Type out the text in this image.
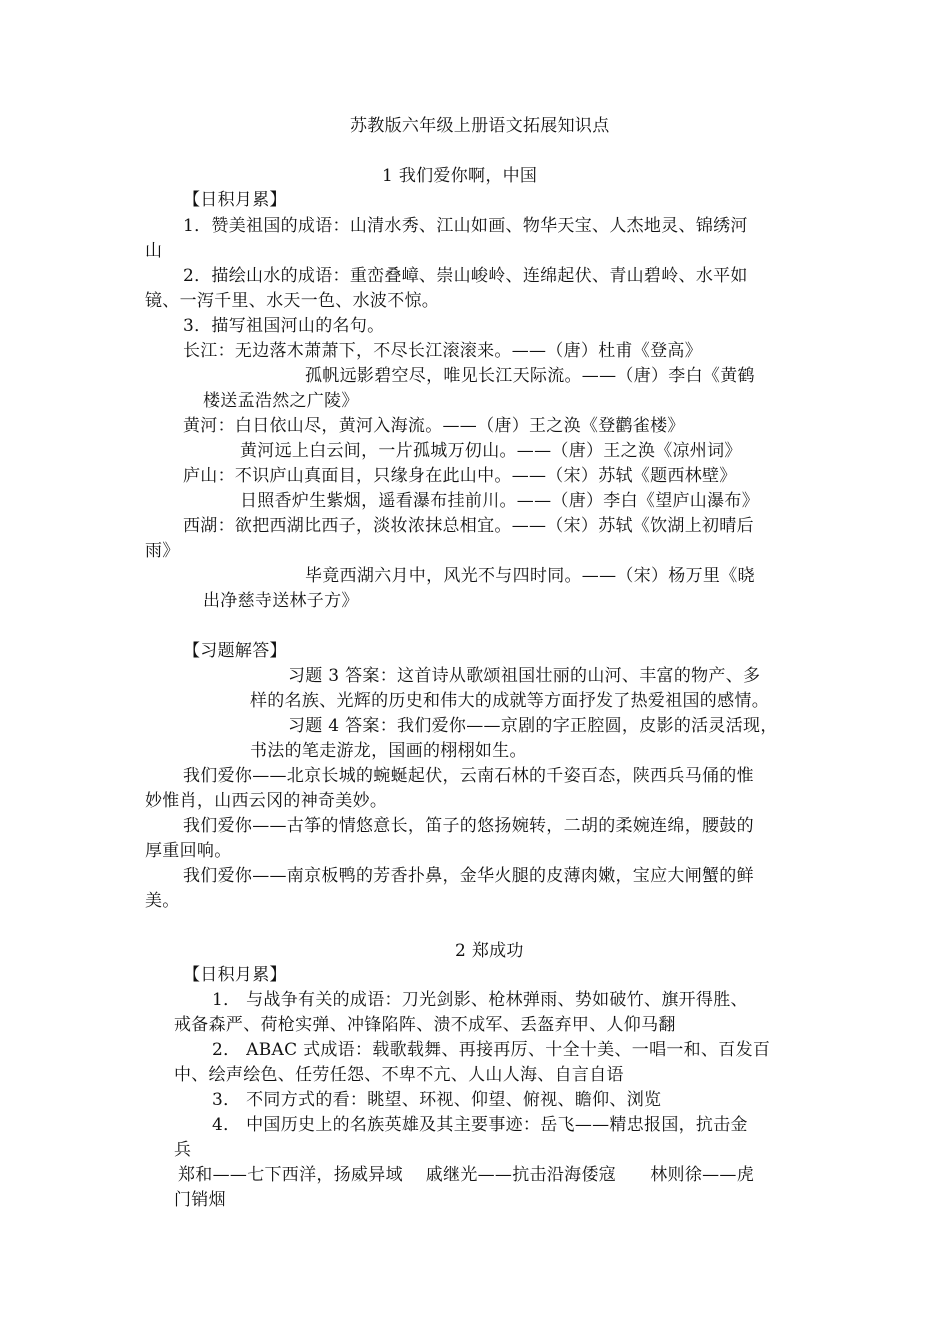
苏教版六年级上册语文拓展知识点
1 我们爱你啊，中国
【日积月累】
1．赞美祖国的成语：山清水秀、江山如画、物华天宝、人杰地灵、锦绣河
山
2．描绘山水的成语：重峦叠嶂、崇山峻岭、连绵起伏、青山碧岭、水平如
镜、一泻千里、水天一色、水波不惊。
3．描写祖国河山的名句。
长江：无边落木萧萧下，不尽长江滚滚来。——（唐）杜甫《登高》
孤帆远影碧空尽，唯见长江天际流。——（唐）李白《黄鹤
楼送孟浩然之广陵》
黄河：白日依山尽，黄河入海流。——（唐）王之涣《登鹳雀楼》
黄河远上白云间，一片孤城万仞山。——（唐）王之涣《凉州词》
庐山：不识庐山真面目，只缘身在此山中。——（宋）苏轼《题西林壁》
日照香炉生紫烟，遥看瀑布挂前川。——（唐）李白《望庐山瀑布》
西湖：欲把西湖比西子，淡妆浓抹总相宜。——（宋）苏轼《饮湖上初晴后
雨》
毕竟西湖六月中，风光不与四时同。——（宋）杨万里《晓
出净慈寺送林子方》
【习题解答】
习题 3 答案：这首诗从歌颂祖国壮丽的山河、丰富的物产、多
样的名族、光辉的历史和伟大的成就等方面抒发了热爱祖国的感情。
习题 4 答案：我们爱你——京剧的字正腔圆，皮影的活灵活现，
书法的笔走游龙，国画的栩栩如生。
我们爱你——北京长城的蜿蜒起伏，云南石林的千姿百态，陕西兵马俑的惟
妙惟肖，山西云冈的神奇美妙。
我们爱你——古筝的情悠意长，笛子的悠扬婉转，二胡的柔婉连绵，腰鼓的
厚重回响。
我们爱你——南京板鸭的芳香扑鼻，金华火腿的皮薄肉嫩，宝应大闸蟹的鲜
美。
2 郑成功
【日积月累】
1． 与战争有关的成语：刀光剑影、枪林弹雨、势如破竹、旗开得胜、
戒备森严、荷枪实弹、冲锋陷阵、溃不成军、丢盔弃甲、人仰马翻
2． ABAC 式成语：载歌载舞、再接再厉、十全十美、一唱一和、百发百
中、绘声绘色、任劳任怨、不卑不亢、人山人海、自言自语
3． 不同方式的看：眺望、环视、仰望、俯视、瞻仰、浏览
4． 中国历史上的名族英雄及其主要事迹：岳飞——精忠报国，抗击金
兵
郑和——七下西洋，扬威异域    戚继光——抗击沿海倭寇      林则徐——虎
门销烟
